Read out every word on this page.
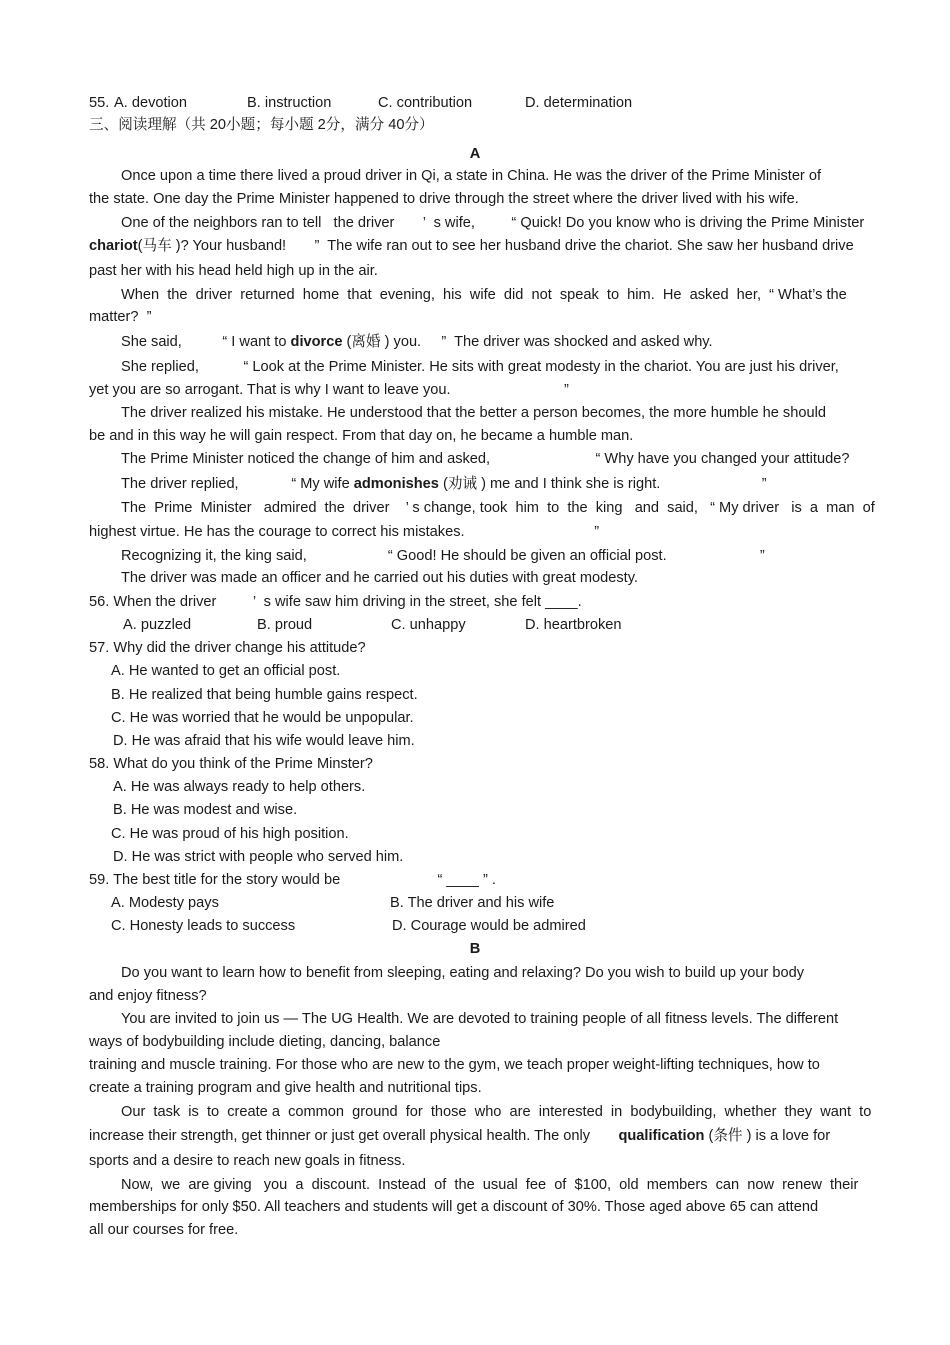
55. A. devotion	B. instruction	C. contribution	D. determination
三、阅读理解（共 20小题；每小题 2分，满分 40分）
A
Once upon a time there lived a proud driver in Qi, a state in China. He was the driver of the Prime Minister of
the state. One day the Prime Minister happened to drive through the street where the driver lived with his wife.
One of the neighbors ran to tell   the driver       ’  s wife,         “ Quick! Do you know who is driving the Prime Minister
chariot(马车 )? Your husband!       ”  The wife ran out to see her husband drive the chariot. She saw her husband drive
past her with his head held high up in the air.
When  the  driver  returned  home  that  evening,  his  wife  did  not  speak  to  him.  He  asked  her,  “ What’s the
matter?  ”
She said,          “ I want to divorce (离婚 ) you.     ”  The driver was shocked and asked why.
She replied,           “ Look at the Prime Minister. He sits with great modesty in the chariot. You are just his driver,
yet you are so arrogant. That is why I want to leave you.                            ”
The driver realized his mistake. He understood that the better a person becomes, the more humble he should
be and in this way he will gain respect. From that day on, he became a humble man.
The Prime Minister noticed the change of him and asked,                          “ Why have you changed your attitude?
The driver replied,             “ My wife admonishes (劝诫 ) me and I think she is right.                         ”
The  Prime  Minister   admired  the  driver    ’ s change, took  him  to  the  king   and  said,   “ My driver   is  a  man  of
highest virtue. He has the courage to correct his mistakes.                                ”
Recognizing it, the king said,                    “ Good! He should be given an official post.                       ”
The driver was made an officer and he carried out his duties with great modesty.
56. When the driver         ’  s wife saw him driving in the street, she felt ____.
A. puzzled	B. proud	C. unhappy	D. heartbroken
57. Why did the driver change his attitude?
A. He wanted to get an official post.
B. He realized that being humble gains respect.
C. He was worried that he would be unpopular.
D. He was afraid that his wife would leave him.
58. What do you think of the Prime Minster?
A. He was always ready to help others.
B. He was modest and wise.
C. He was proud of his high position.
D. He was strict with people who served him.
59. The best title for the story would be                        “ ____ ” .
A. Modesty pays	B. The driver and his wife
C. Honesty leads to success	D. Courage would be admired
B
Do you want to learn how to benefit from sleeping, eating and relaxing? Do you wish to build up your body
and enjoy fitness?
You are invited to join us — The UG Health. We are devoted to training people of all fitness levels. The different
ways of bodybuilding include dieting, dancing, balance
training and muscle training. For those who are new to the gym, we teach proper weight-lifting techniques, how to
create a training program and give health and nutritional tips.
Our  task  is  to  create a  common  ground  for  those  who  are  interested  in  bodybuilding,  whether  they  want  to
increase their strength, get thinner or just get overall physical health. The only       qualification (条件 ) is a love for
sports and a desire to reach new goals in fitness.
Now,  we  are giving   you  a  discount.  Instead  of  the  usual  fee  of  $100,  old  members  can  now  renew  their
memberships for only $50. All teachers and students will get a discount of 30%. Those aged above 65 can attend
all our courses for free.
